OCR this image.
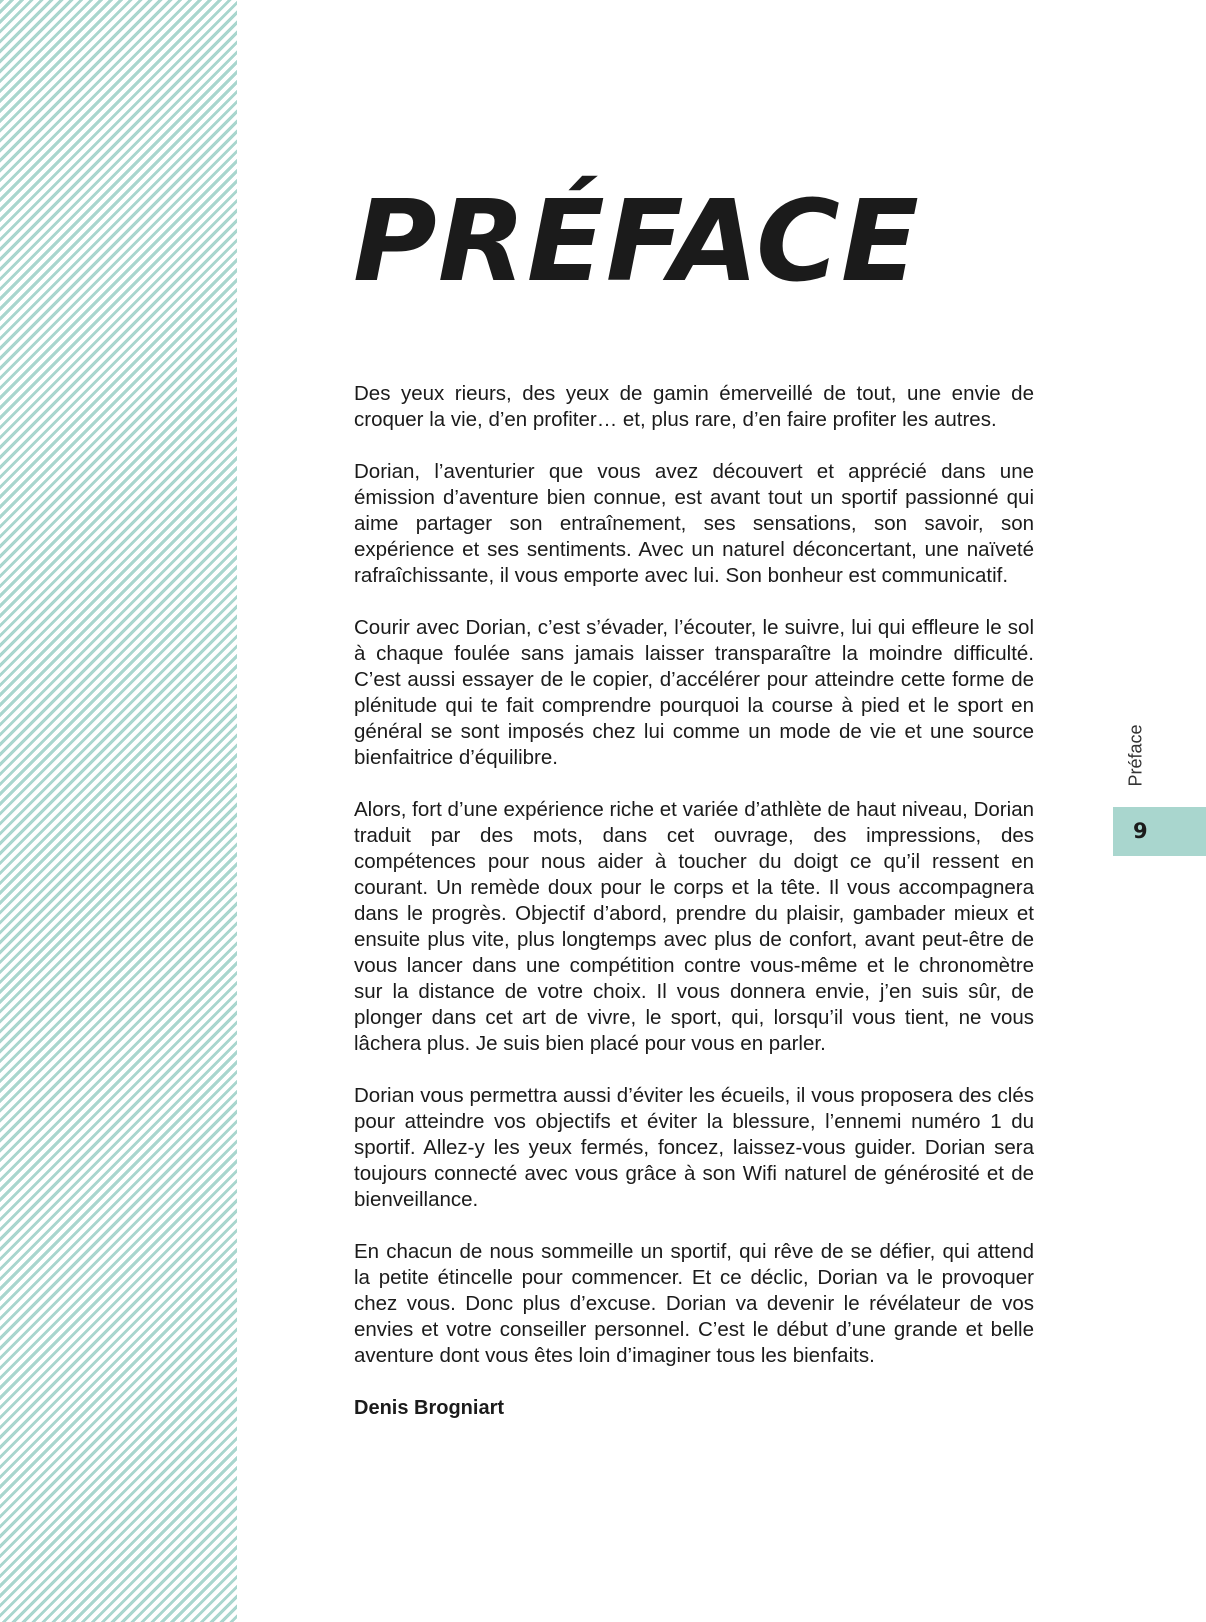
PRÉFACE

Des yeux rieurs, des yeux de gamin émerveillé de tout, une envie de croquer la vie, d’en profiter… et, plus rare, d’en faire profiter les autres.

Dorian, l’aventurier que vous avez découvert et apprécié dans une émission d’aventure bien connue, est avant tout un sportif passionné qui aime partager son entraînement, ses sensations, son savoir, son expérience et ses sentiments. Avec un naturel déconcertant, une naïveté rafraîchissante, il vous emporte avec lui. Son bonheur est communicatif.

Courir avec Dorian, c’est s’évader, l’écouter, le suivre, lui qui effleure le sol à chaque foulée sans jamais laisser transparaître la moindre difficulté. C’est aussi essayer de le copier, d’accélérer pour atteindre cette forme de plénitude qui te fait comprendre pourquoi la course à pied et le sport en général se sont imposés chez lui comme un mode de vie et une source bienfaitrice d’équilibre.

Alors, fort d’une expérience riche et variée d’athlète de haut niveau, Dorian traduit par des mots, dans cet ouvrage, des impressions, des compétences pour nous aider à toucher du doigt ce qu’il ressent en courant. Un remède doux pour le corps et la tête. Il vous accompagnera dans le progrès. Objectif d’abord, prendre du plaisir, gambader mieux et ensuite plus vite, plus longtemps avec plus de confort, avant peut-être de vous lancer dans une compétition contre vous-même et le chronomètre sur la distance de votre choix. Il vous donnera envie, j’en suis sûr, de plonger dans cet art de vivre, le sport, qui, lorsqu’il vous tient, ne vous lâchera plus. Je suis bien placé pour vous en parler.

Dorian vous permettra aussi d’éviter les écueils, il vous proposera des clés pour atteindre vos objectifs et éviter la blessure, l’ennemi numéro 1 du sportif. Allez-y les yeux fermés, foncez, laissez-vous guider. Dorian sera toujours connecté avec vous grâce à son Wifi naturel de générosité et de bienveillance.

En chacun de nous sommeille un sportif, qui rêve de se défier, qui attend la petite étincelle pour commencer. Et ce déclic, Dorian va le provoquer chez vous. Donc plus d’excuse. Dorian va devenir le révélateur de vos envies et votre conseiller personnel. C’est le début d’une grande et belle aventure dont vous êtes loin d’imaginer tous les bienfaits.

Denis Brogniart

Préface
9
